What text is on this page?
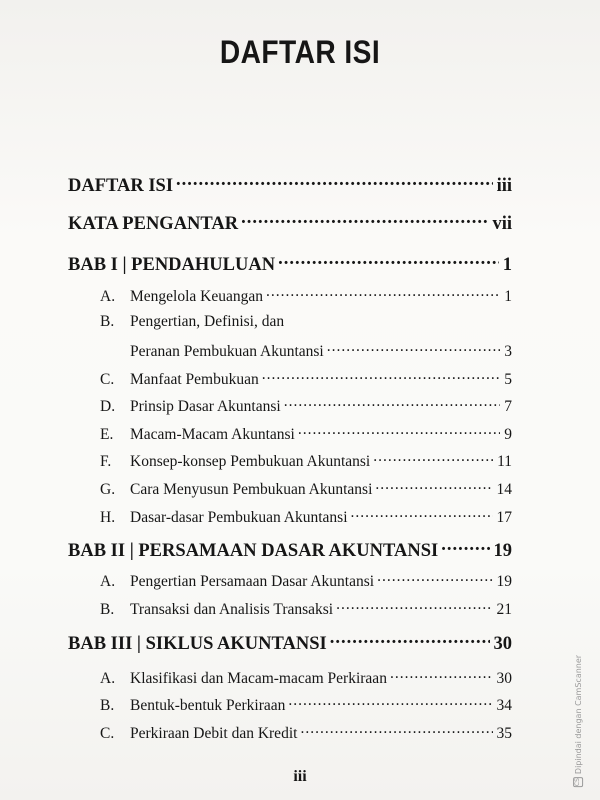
DAFTAR ISI
DAFTAR ISI .....	iii
KATA PENGANTAR .....	vii
BAB I | PENDAHULUAN .....	1
A. Mengelola Keuangan .....	1
B.	Pengertian, Definisi, dan
Peranan Pembukuan Akuntansi .....	3
C.	Manfaat Pembukuan .....	5
D. Prinsip Dasar Akuntansi .....	7
E.	Macam-Macam Akuntansi .....	9
F.	Konsep-konsep Pembukuan Akuntansi .....	11
G. Cara Menyusun Pembukuan Akuntansi .....	14
H. Dasar-dasar Pembukuan Akuntansi .....	17
BAB II | PERSAMAAN DASAR AKUNTANSI .....	19
A. Pengertian Persamaan Dasar Akuntansi .....	19
B.	Transaksi dan Analisis Transaksi .....	21
BAB III | SIKLUS AKUNTANSI .....	30
A. Klasifikasi dan Macam-macam Perkiraan .....	30
B.	Bentuk-bentuk Perkiraan .....	34
C.	Perkiraan Debit dan Kredit .....	35
iii	CS
Dipindai dengan CamScanner
